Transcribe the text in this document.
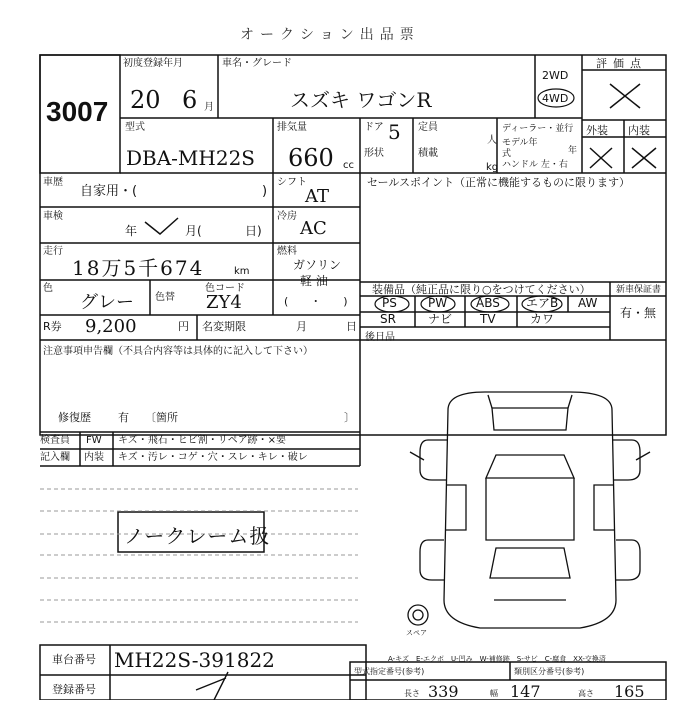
オークション出品票
3007
初度登録年月
20 6 月
車名・グレード
スズキ ワゴンR
2WD
4WD
評価点
外装 内装
型式
DBA-MH22S
排気量
660 cc
ドア 5 定員
人
形状	積載
kg
ディーラー・並行
モデル年式	年
ハンドル 左・右
車歴
自家用・(	)
シフト
AT
セールスポイント（正常に機能するものに限ります）
車検
年	月(	日)
冷房
AC
走行
18万5千674	km
燃料
ガソリン
軽 油
(　　・　　)
色
グレー 色替
色コード
ZY4
装備品（純正品に限り○をつけてください）	新車保証書
有・無
PS	PW ABS エアB AW
SR	ナビ TV	カワ
R券 9,200	円 名変期限	月	日
注意事項申告欄（不具合内容等は具体的に記入して下さい）
後日品
修復歴 有 〔箇所	〕
検査員
記入欄
FW キズ・飛石・ヒビ割・リペア跡・×要
内装 キズ・汚レ・コゲ・穴・スレ・キレ・破レ
ノークレーム扱
スペア
A-キズ　E-エクボ　U-凹み　W-補修跡　S-サビ　C-腐食　XX-交換済
車台番号 MH22S-391822
登録番号
型式指定番号(参考)	類別区分番号(参考)
長さ 339	幅 147	高さ 165
